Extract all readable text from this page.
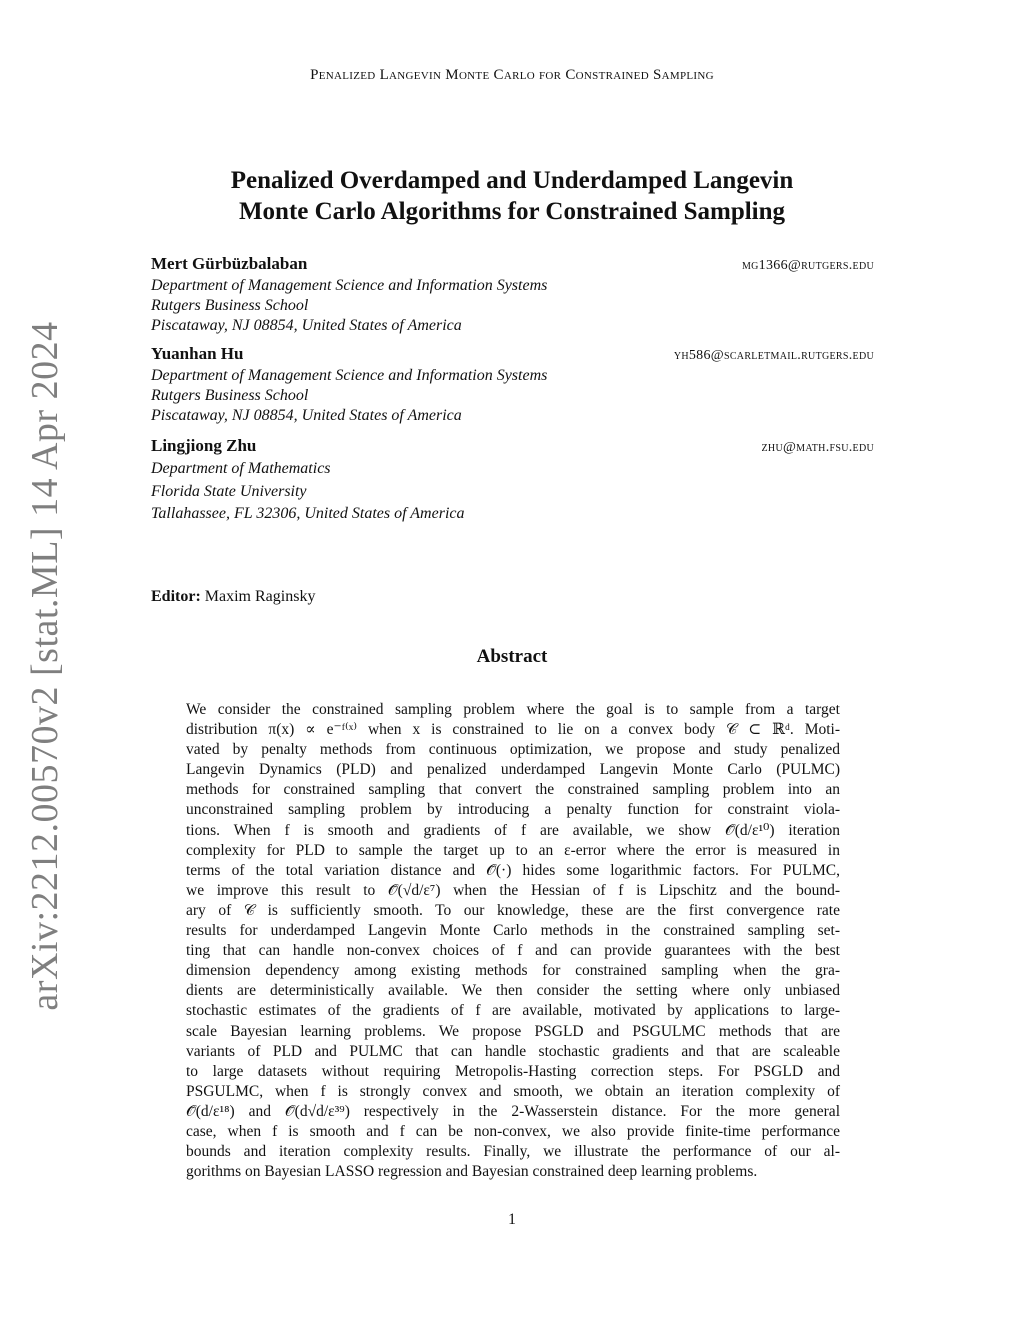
Penalized Langevin Monte Carlo for Constrained Sampling
arXiv:2212.00570v2 [stat.ML] 14 Apr 2024
Penalized Overdamped and Underdamped Langevin
Monte Carlo Algorithms for Constrained Sampling
Mert Gürbüzbalaban	mg1366@rutgers.edu
Department of Management Science and Information Systems
Rutgers Business School
Piscataway, NJ 08854, United States of America
Yuanhan Hu	yh586@scarletmail.rutgers.edu
Department of Management Science and Information Systems
Rutgers Business School
Piscataway, NJ 08854, United States of America
Lingjiong Zhu	zhu@math.fsu.edu
Department of Mathematics
Florida State University
Tallahassee, FL 32306, United States of America
Editor: Maxim Raginsky
Abstract
We consider the constrained sampling problem where the goal is to sample from a target
distribution π(x) ∝ e⁻ᶠ⁽ˣ⁾ when x is constrained to lie on a convex body 𝒞 ⊂ ℝᵈ. Moti-
vated by penalty methods from continuous optimization, we propose and study penalized
Langevin Dynamics (PLD) and penalized underdamped Langevin Monte Carlo (PULMC)
methods for constrained sampling that convert the constrained sampling problem into an
unconstrained sampling problem by introducing a penalty function for constraint viola-
tions. When f is smooth and gradients of f are available, we show 𝒪̃(d/ε¹⁰) iteration
complexity for PLD to sample the target up to an ε-error where the error is measured in
terms of the total variation distance and 𝒪̃(·) hides some logarithmic factors. For PULMC,
we improve this result to 𝒪̃(√d/ε⁷) when the Hessian of f is Lipschitz and the bound-
ary of 𝒞 is sufficiently smooth. To our knowledge, these are the first convergence rate
results for underdamped Langevin Monte Carlo methods in the constrained sampling set-
ting that can handle non-convex choices of f and can provide guarantees with the best
dimension dependency among existing methods for constrained sampling when the gra-
dients are deterministically available. We then consider the setting where only unbiased
stochastic estimates of the gradients of f are available, motivated by applications to large-
scale Bayesian learning problems. We propose PSGLD and PSGULMC methods that are
variants of PLD and PULMC that can handle stochastic gradients and that are scaleable
to large datasets without requiring Metropolis-Hasting correction steps. For PSGLD and
PSGULMC, when f is strongly convex and smooth, we obtain an iteration complexity of
𝒪̃(d/ε¹⁸) and 𝒪̃(d√d/ε³⁹) respectively in the 2-Wasserstein distance. For the more general
case, when f is smooth and f can be non-convex, we also provide finite-time performance
bounds and iteration complexity results. Finally, we illustrate the performance of our al-
gorithms on Bayesian LASSO regression and Bayesian constrained deep learning problems.
1
